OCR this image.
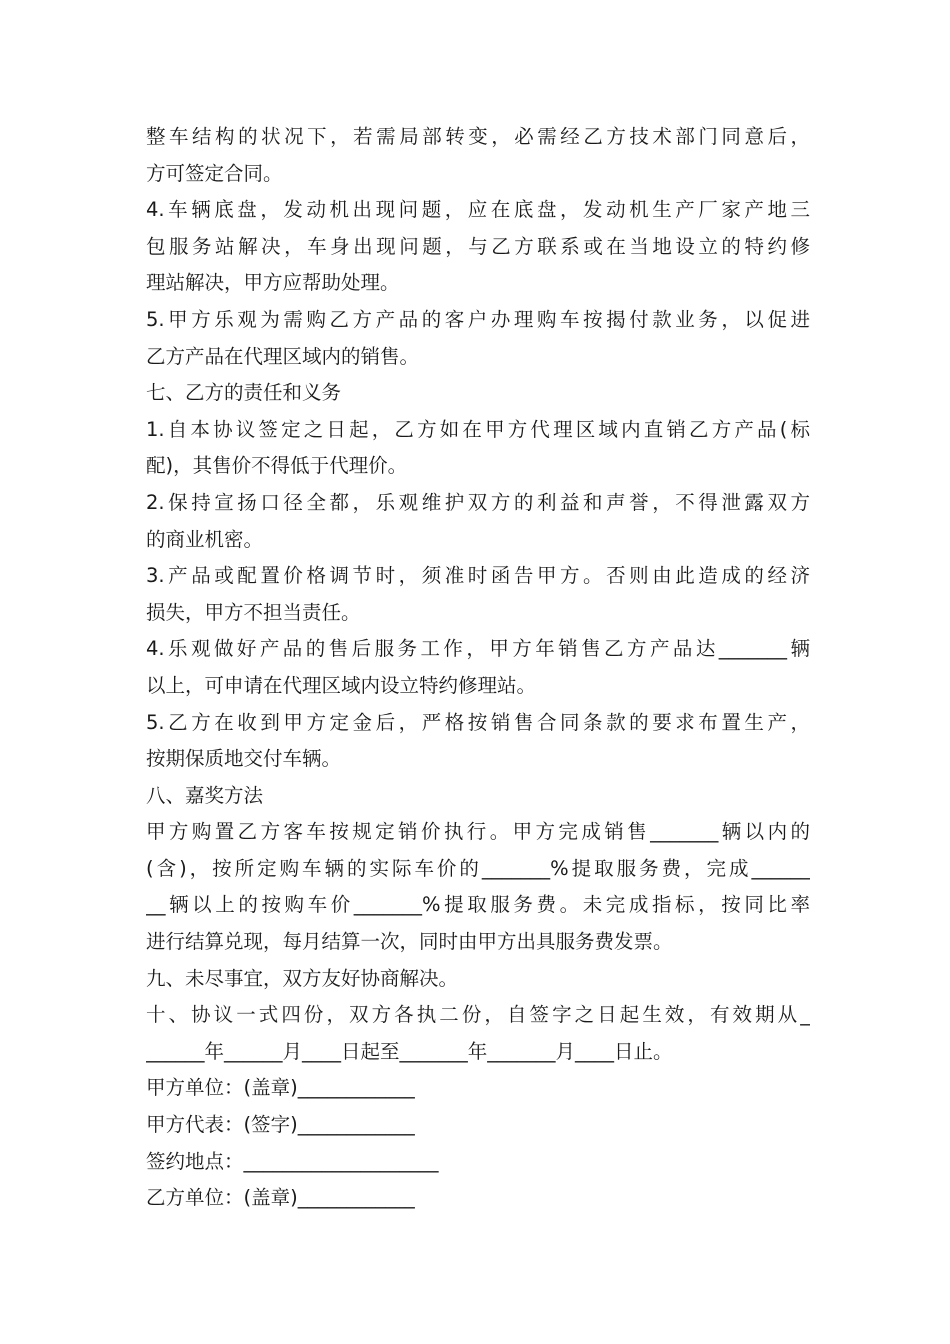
整车结构的状况下，若需局部转变，必需经乙方技术部门同意后，
方可签定合同。
4.车辆底盘，发动机出现问题，应在底盘，发动机生产厂家产地三
包服务站解决，车身出现问题，与乙方联系或在当地设立的特约修
理站解决，甲方应帮助处理。
5.甲方乐观为需购乙方产品的客户办理购车按揭付款业务，以促进
乙方产品在代理区域内的销售。
七、乙方的责任和义务
1.自本协议签定之日起，乙方如在甲方代理区域内直销乙方产品(标
配)，其售价不得低于代理价。
2.保持宣扬口径全都，乐观维护双方的利益和声誉，不得泄露双方
的商业机密。
3.产品或配置价格调节时，须准时函告甲方。否则由此造成的经济
损失，甲方不担当责任。
4.乐观做好产品的售后服务工作，甲方年销售乙方产品达_______辆
以上，可申请在代理区域内设立特约修理站。
5.乙方在收到甲方定金后，严格按销售合同条款的要求布置生产，
按期保质地交付车辆。
八、嘉奖方法
甲方购置乙方客车按规定销价执行。甲方完成销售_______辆以内的
(含)，按所定购车辆的实际车价的_______%提取服务费，完成______
__辆以上的按购车价_______%提取服务费。未完成指标，按同比率
进行结算兑现，每月结算一次，同时由甲方出具服务费发票。
九、未尽事宜，双方友好协商解决。
十、协议一式四份，双方各执二份，自签字之日起生效，有效期从_
______年______月____日起至_______年_______月____日止。
甲方单位：(盖章)____________
甲方代表：(签字)____________
签约地点：____________________
乙方单位：(盖章)____________
